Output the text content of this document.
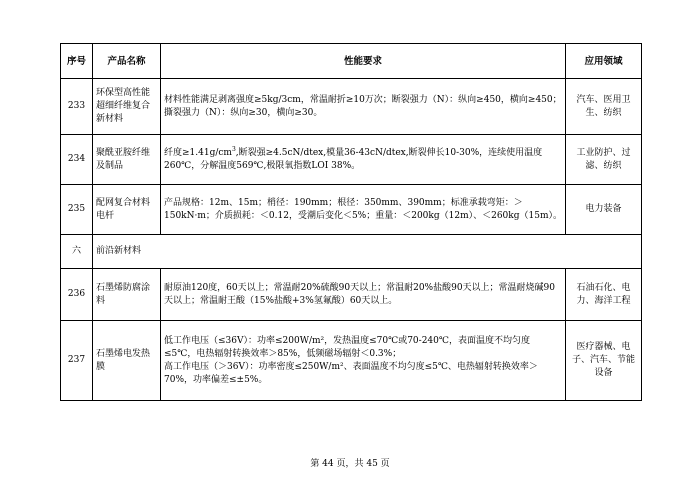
序号	产品名称	性能要求	应用领域
233	环保型高性能超细纤维复合新材料	材料性能满足剥离强度≥5kg/3cm，常温耐折≥10万次；断裂强力（N）：纵向≥450，横向≥450；撕裂强力（N）：纵向≥30，横向≥30。	汽车、医用卫生、纺织
234	聚酰亚胺纤维及制品	纤度$\ge 1.41g/cm^3$,断裂强≥4.5cN/dtex,模量36-43cN/dtex,断裂伸长10-30%，连续使用温度260℃，分解温度569℃,极限氧指数LOI 38%。	工业防护、过滤、纺织
235	配网复合材料电杆	产品规格：12m、15m；梢径：190mm；根径：350mm、390mm；标准承载弯矩：＞150kN·m；介质损耗：＜0.12，受潮后变化＜5%；重量：＜200kg（12m）、＜260kg（15m）。	电力装备
六	前沿新材料		
236	石墨烯防腐涂料	耐原油120度，60天以上；常温耐20%硫酸90天以上；常温耐20%盐酸90天以上；常温耐烧碱90天以上；常温耐王酸（15%盐酸+3%氢氟酸）60天以上。	石油石化、电力、海洋工程
237	石墨烯电发热膜	低工作电压（≤36V）：功率≤200W/m²，发热温度≤70℃或70-240℃，表面温度不均匀度≤5℃，电热辐射转换效率＞85%，低频磁场辐射＜0.3%；
高工作电压（＞36V）：功率密度≤250W/m²、表面温度不均匀度≤5℃、电热辐射转换效率＞70%，功率偏差≤±5%。	医疗器械、电子、汽车、节能设备
第 44 页，共 45 页
